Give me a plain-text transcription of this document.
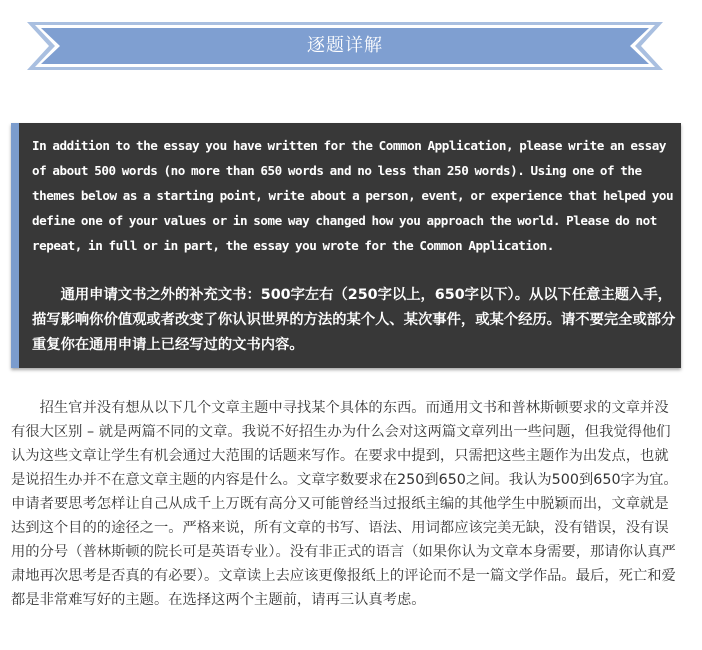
逐题详解

In addition to the essay you have written for the Common Application, please write an essay of about 500 words (no more than 650 words and no less than 250 words). Using one of the themes below as a starting point, write about a person, event, or experience that helped you define one of your values or in some way changed how you approach the world. Please do not repeat, in full or in part, the essay you wrote for the Common Application.

通用申请文书之外的补充文书：500字左右（250字以上，650字以下）。从以下任意主题入手，描写影响你价值观或者改变了你认识世界的方法的某个人、某次事件，或某个经历。请不要完全或部分重复你在通用申请上已经写过的文书内容。

招生官并没有想从以下几个文章主题中寻找某个具体的东西。而通用文书和普林斯顿要求的文章并没有很大区别 – 就是两篇不同的文章。我说不好招生办为什么会对这两篇文章列出一些问题，但我觉得他们认为这些文章让学生有机会通过大范围的话题来写作。在要求中提到，只需把这些主题作为出发点，也就是说招生办并不在意文章主题的内容是什么。文章字数要求在250到650之间。我认为500到650字为宜。申请者要思考怎样让自己从成千上万既有高分又可能曾经当过报纸主编的其他学生中脱颖而出，文章就是达到这个目的的途径之一。严格来说，所有文章的书写、语法、用词都应该完美无缺，没有错误，没有误用的分号（普林斯顿的院长可是英语专业）。没有非正式的语言（如果你认为文章本身需要，那请你认真严肃地再次思考是否真的有必要）。文章读上去应该更像报纸上的评论而不是一篇文学作品。最后，死亡和爱都是非常难写好的主题。在选择这两个主题前，请再三认真考虑。
